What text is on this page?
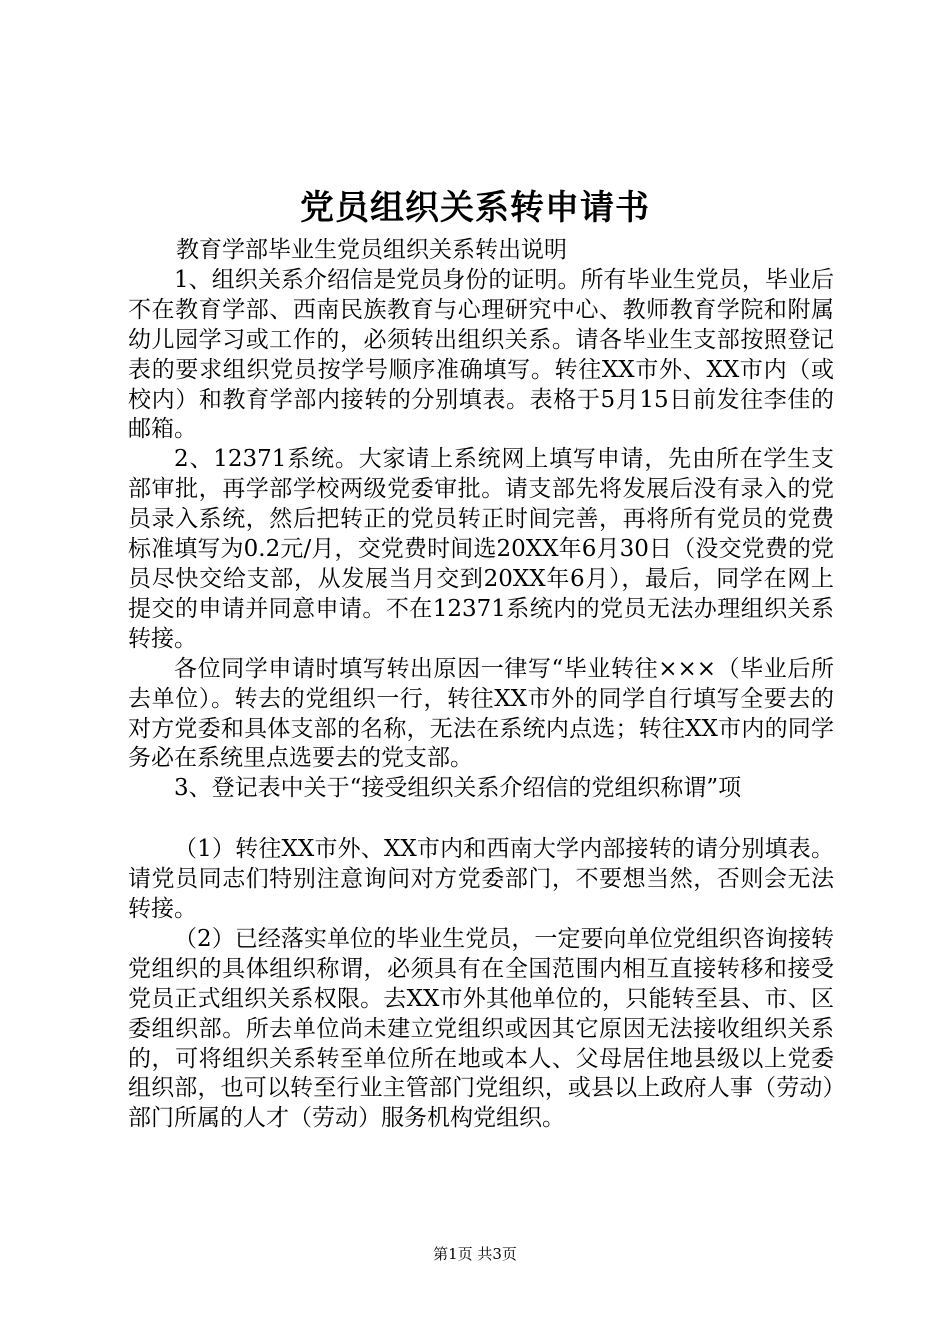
党员组织关系转申请书

教育学部毕业生党员组织关系转出说明

1、组织关系介绍信是党员身份的证明。所有毕业生党员，毕业后不在教育学部、西南民族教育与心理研究中心、教师教育学院和附属幼儿园学习或工作的，必须转出组织关系。请各毕业生支部按照登记表的要求组织党员按学号顺序准确填写。转往XX市外、XX市内（或校内）和教育学部内接转的分别填表。表格于5月15日前发往李佳的邮箱。

2、12371系统。大家请上系统网上填写申请，先由所在学生支部审批，再学部学校两级党委审批。请支部先将发展后没有录入的党员录入系统，然后把转正的党员转正时间完善，再将所有党员的党费标准填写为0.2元/月，交党费时间选20XX年6月30日（没交党费的党员尽快交给支部，从发展当月交到20XX年6月），最后，同学在网上提交的申请并同意申请。不在12371系统内的党员无法办理组织关系转接。

各位同学申请时填写转出原因一律写“毕业转往×××（毕业后所去单位）。转去的党组织一行，转往XX市外的同学自行填写全要去的对方党委和具体支部的名称，无法在系统内点选；转往XX市内的同学务必在系统里点选要去的党支部。

3、登记表中关于“接受组织关系介绍信的党组织称谓”项

（1）转往XX市外、XX市内和西南大学内部接转的请分别填表。请党员同志们特别注意询问对方党委部门，不要想当然，否则会无法转接。

（2）已经落实单位的毕业生党员，一定要向单位党组织咨询接转党组织的具体组织称谓，必须具有在全国范围内相互直接转移和接受党员正式组织关系权限。去XX市外其他单位的，只能转至县、市、区委组织部。所去单位尚未建立党组织或因其它原因无法接收组织关系的，可将组织关系转至单位所在地或本人、父母居住地县级以上党委组织部，也可以转至行业主管部门党组织，或县以上政府人事（劳动）部门所属的人才（劳动）服务机构党组织。

第1页 共3页
